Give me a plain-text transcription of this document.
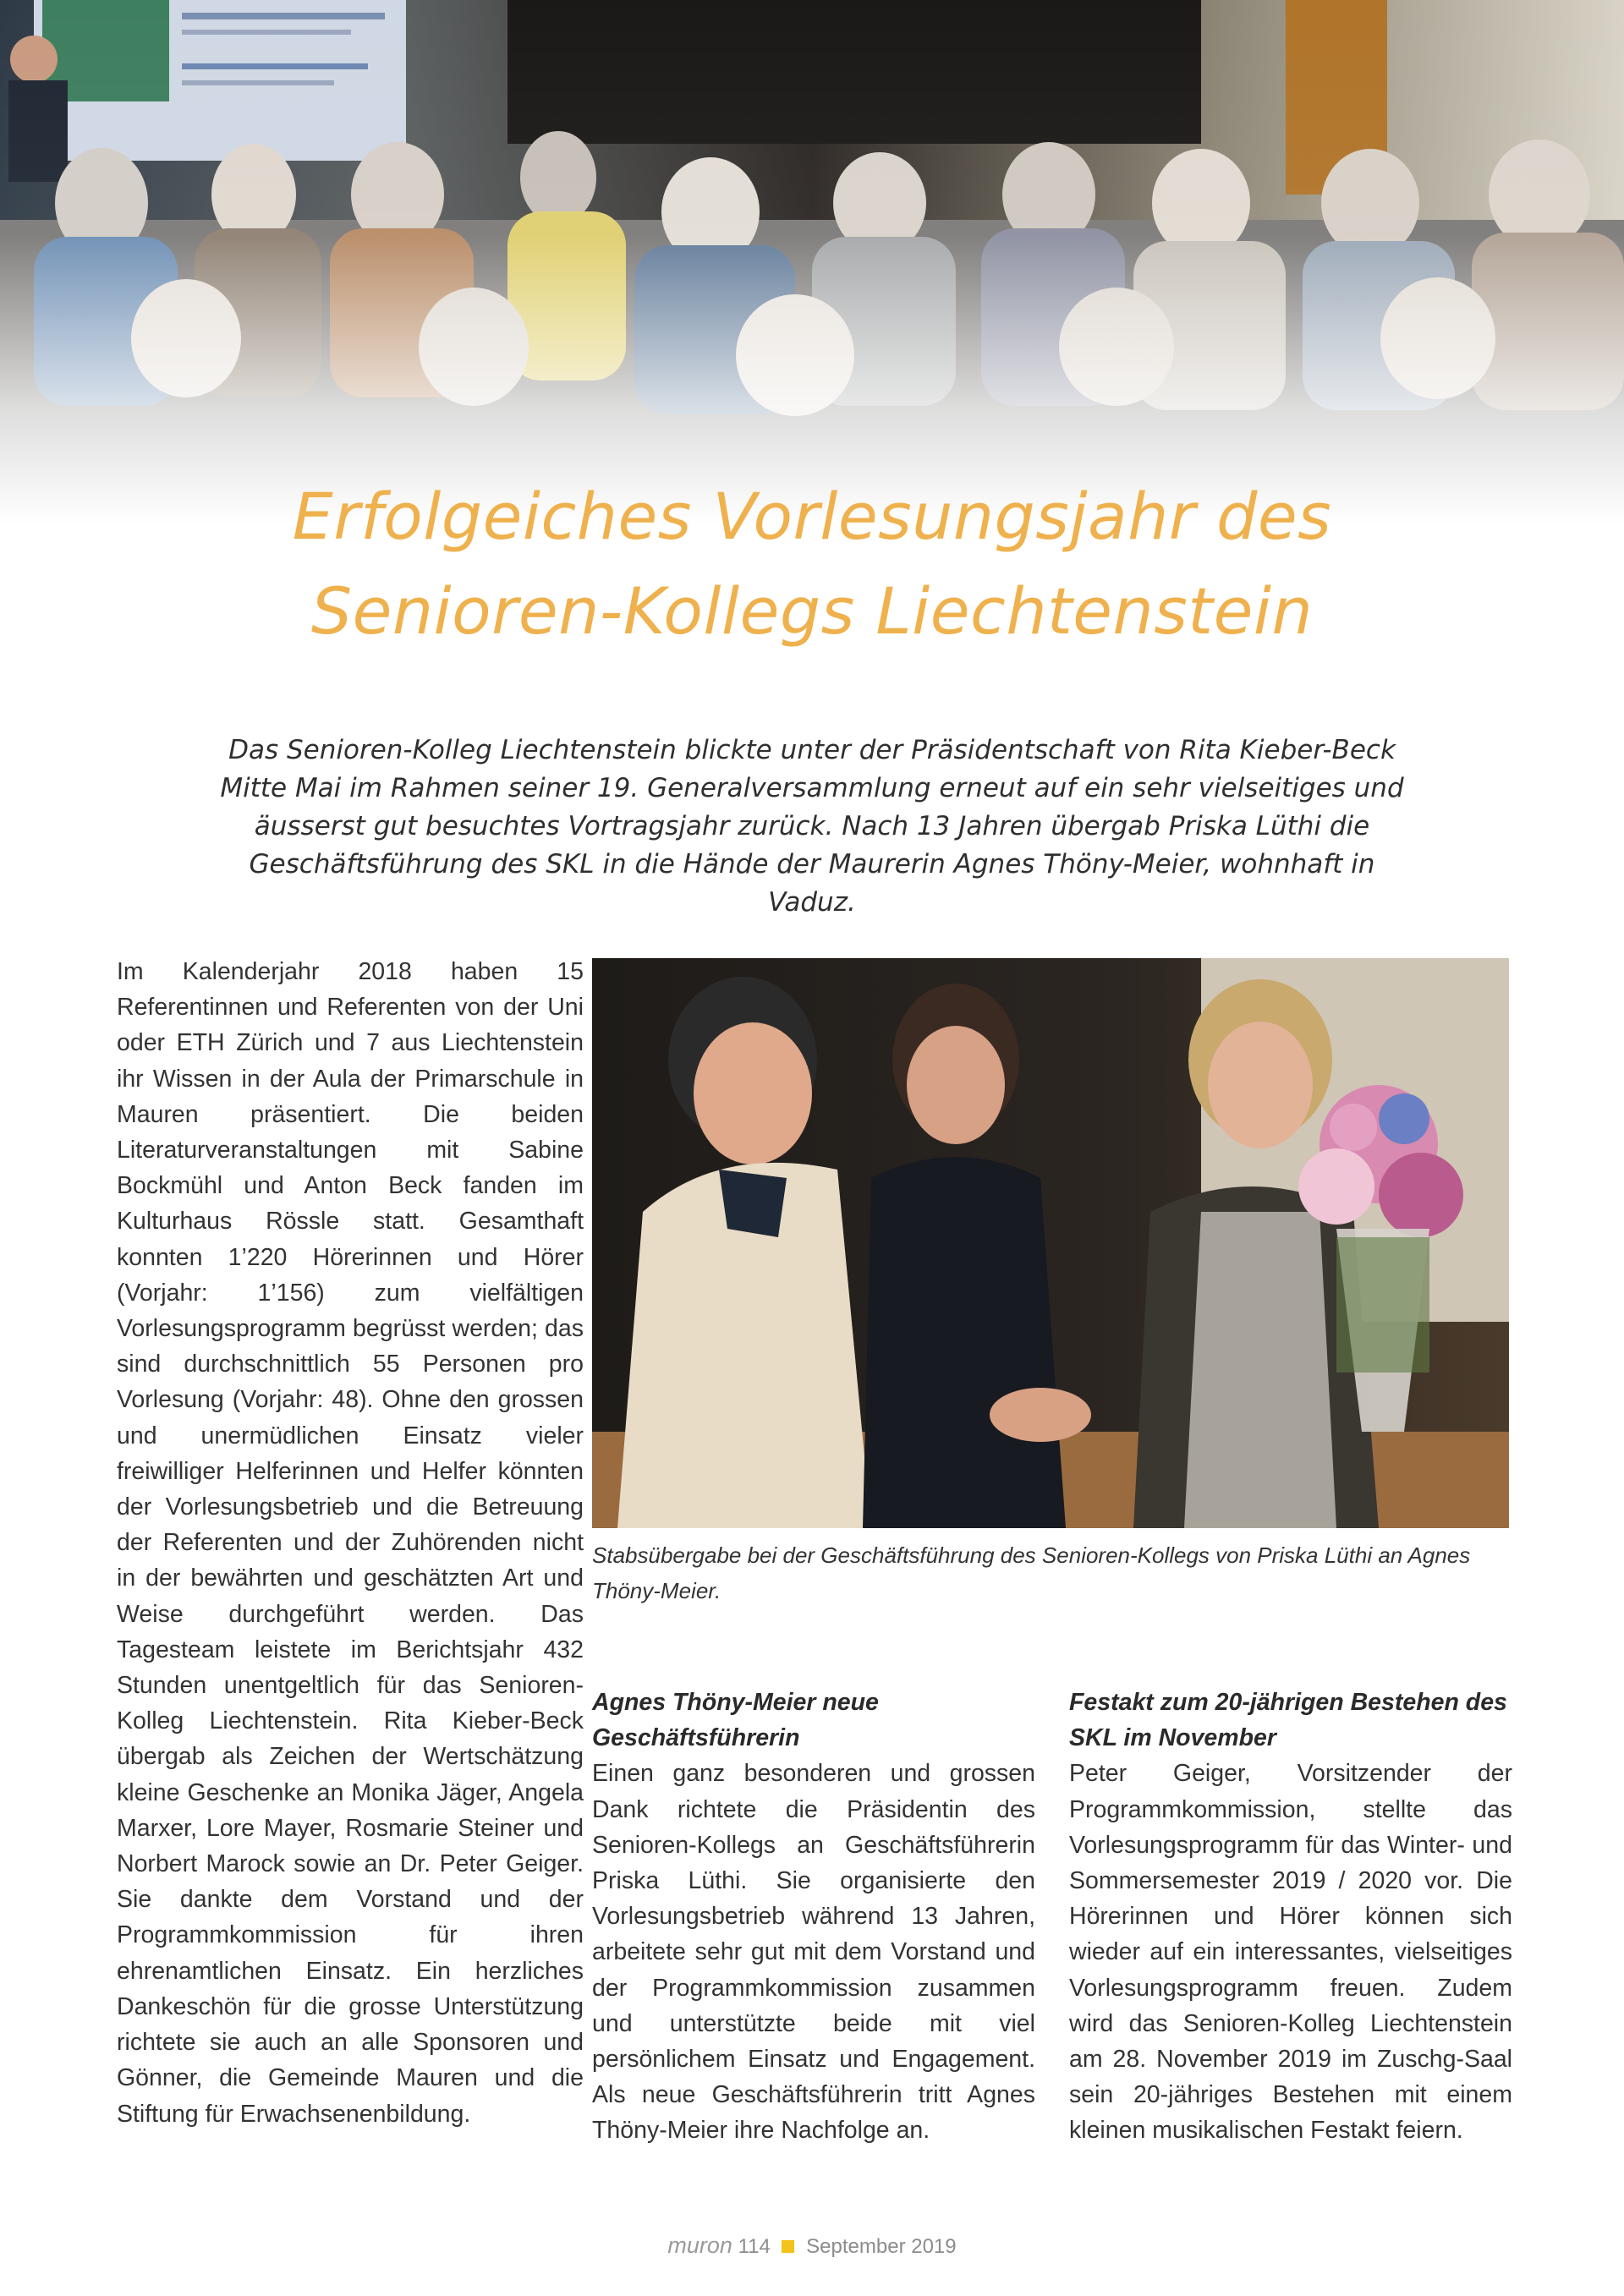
Erfolgeiches Vorlesungsjahr des
Senioren-Kollegs Liechtenstein

Das Senioren-Kolleg Liechtenstein blickte unter der Präsidentschaft von Rita Kieber-Beck Mitte Mai im Rahmen seiner 19. Generalversammlung erneut auf ein sehr vielseitiges und äusserst gut besuchtes Vortragsjahr zurück. Nach 13 Jahren übergab Priska Lüthi die Geschäftsführung des SKL in die Hände der Maurerin Agnes Thöny-Meier, wohnhaft in Vaduz.

Im Kalenderjahr 2018 haben 15 Referentinnen und Referenten von der Uni oder ETH Zürich und 7 aus Liechtenstein ihr Wissen in der Aula der Primarschule in Mauren präsentiert. Die beiden Literaturveranstaltungen mit Sabine Bockmühl und Anton Beck fanden im Kulturhaus Rössle statt. Gesamthaft konnten 1’220 Hörerinnen und Hörer (Vorjahr: 1’156) zum vielfältigen Vorlesungsprogramm begrüsst werden; das sind durchschnittlich 55 Personen pro Vorlesung (Vorjahr: 48). Ohne den grossen und unermüdlichen Einsatz vieler freiwilliger Helferinnen und Helfer könnten der Vorlesungsbetrieb und die Betreuung der Referenten und der Zuhörenden nicht in der bewährten und geschätzten Art und Weise durchgeführt werden. Das Tagesteam leistete im Berichtsjahr 432 Stunden unentgeltlich für das Senioren-Kolleg Liechtenstein. Rita Kieber-Beck übergab als Zeichen der Wertschätzung kleine Geschenke an Monika Jäger, Angela Marxer, Lore Mayer, Rosmarie Steiner und Norbert Marock sowie an Dr. Peter Geiger. Sie dankte dem Vorstand und der Programmkommission für ihren ehrenamtlichen Einsatz. Ein herzliches Dankeschön für die grosse Unterstützung richtete sie auch an alle Sponsoren und Gönner, die Gemeinde Mauren und die Stiftung für Erwachsenenbildung.

Stabsübergabe bei der Geschäftsführung des Senioren-Kollegs von Priska Lüthi an Agnes Thöny-Meier.

Agnes Thöny-Meier neue Geschäftsführerin

Einen ganz besonderen und grossen Dank richtete die Präsidentin des Senioren-Kollegs an Geschäftsführerin Priska Lüthi. Sie organisierte den Vorlesungsbetrieb während 13 Jahren, arbeitete sehr gut mit dem Vorstand und der Programmkommission zusammen und unterstützte beide mit viel persönlichem Einsatz und Engagement. Als neue Geschäftsführerin tritt Agnes Thöny-Meier ihre Nachfolge an.

Festakt zum 20-jährigen Bestehen des SKL im November

Peter Geiger, Vorsitzender der Programmkommission, stellte das Vorlesungsprogramm für das Winter- und Sommersemester 2019 / 2020 vor. Die Hörerinnen und Hörer können sich wieder auf ein interessantes, vielseitiges Vorlesungsprogramm freuen. Zudem wird das Senioren-Kolleg Liechtenstein am 28. November 2019 im Zuschg-Saal sein 20-jähriges Bestehen mit einem kleinen musikalischen Festakt feiern.

muron 114 September 2019
